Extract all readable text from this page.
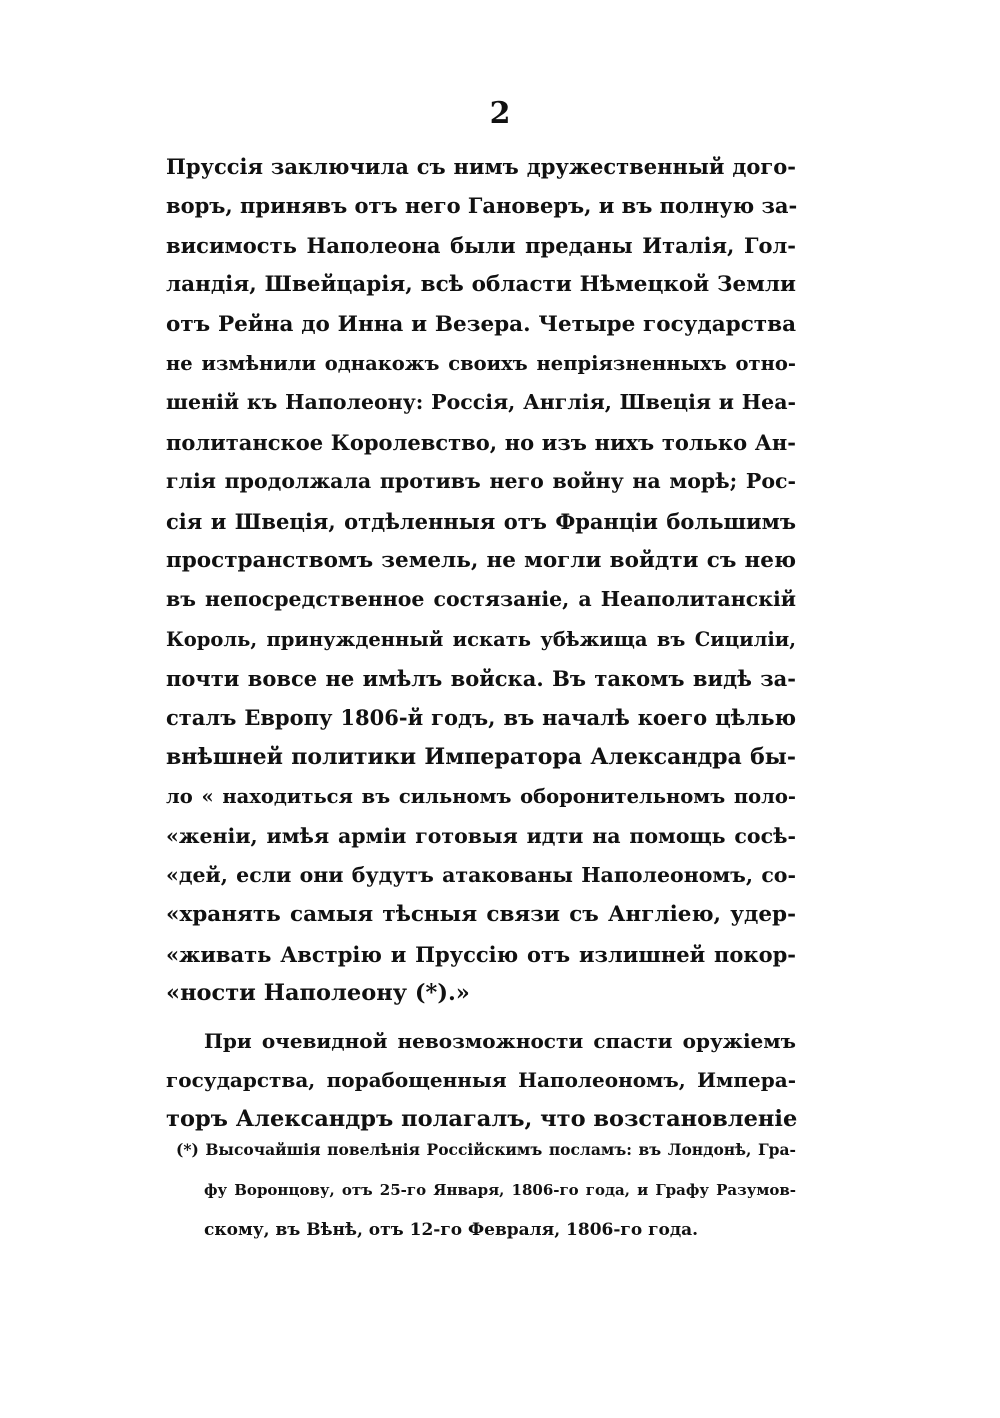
2
Пруссія заключила съ нимъ дружественный дого-
воръ, принявъ отъ него Гановеръ, и въ полную за-
висимость Наполеона были преданы Италія, Гол-
ландія, Швейцарія, всѣ области Нѣмецкой Земли
отъ Рейна до Инна и Везера. Четыре государства
не измѣнили однакожъ своихъ непріязненныхъ отно-
шеній къ Наполеону: Россія, Англія, Швеція и Неа-
политанское Королевство, но изъ нихъ только Ан-
глія продолжала противъ него войну на морѣ; Рос-
сія и Швеція, отдѣленныя отъ Франціи большимъ
пространствомъ земель, не могли войдти съ нею
въ непосредственное состязаніе, а Неаполитанскій
Король, принужденный искать убѣжища въ Сициліи,
почти вовсе не имѣлъ войска. Въ такомъ видѣ за-
сталъ Европу 1806-й годъ, въ началѣ коего цѣлью
внѣшней политики Императора Александра бы-
ло « находиться въ сильномъ оборонительномъ поло-
«женіи, имѣя арміи готовыя идти на помощь сосѣ-
«дей, если они будутъ атакованы Наполеономъ, со-
«хранять самыя тѣсныя связи съ Англіею, удер-
«живать Австрію и Пруссію отъ излишней покор-
«ности Наполеону (*).»
При очевидной невозможности спасти оружіемъ
государства, порабощенныя Наполеономъ, Импера-
торъ Александръ полагалъ, что возстановленіе
(*) Высочайшія повелѣнія Россійскимъ посламъ: въ Лондонѣ, Гра-
фу Воронцову, отъ 25-го Января, 1806-го года, и Графу Разумов-
скому, въ Вѣнѣ, отъ 12-го Февраля, 1806-го года.
